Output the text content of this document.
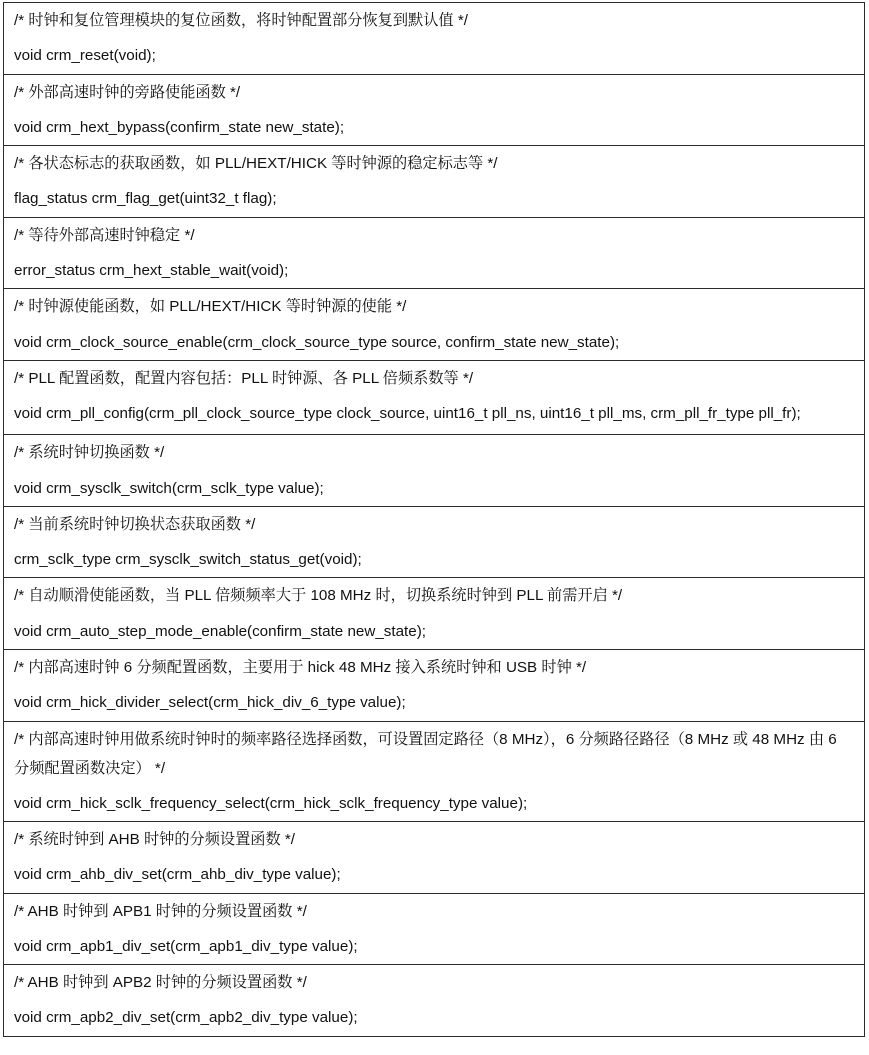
/* 时钟和复位管理模块的复位函数，将时钟配置部分恢复到默认值 */
void crm_reset(void);
/* 外部高速时钟的旁路使能函数 */
void crm_hext_bypass(confirm_state new_state);
/* 各状态标志的获取函数，如 PLL/HEXT/HICK 等时钟源的稳定标志等 */
flag_status crm_flag_get(uint32_t flag);
/* 等待外部高速时钟稳定 */
error_status crm_hext_stable_wait(void);
/* 时钟源使能函数，如 PLL/HEXT/HICK 等时钟源的使能 */
void crm_clock_source_enable(crm_clock_source_type source, confirm_state new_state);
/* PLL 配置函数，配置内容包括：PLL 时钟源、各 PLL 倍频系数等 */
void crm_pll_config(crm_pll_clock_source_type clock_source, uint16_t pll_ns, uint16_t pll_ms, crm_pll_fr_type pll_fr);
/* 系统时钟切换函数 */
void crm_sysclk_switch(crm_sclk_type value);
/* 当前系统时钟切换状态获取函数 */
crm_sclk_type crm_sysclk_switch_status_get(void);
/* 自动顺滑使能函数，当 PLL 倍频频率大于 108 MHz 时，切换系统时钟到 PLL 前需开启 */
void crm_auto_step_mode_enable(confirm_state new_state);
/* 内部高速时钟 6 分频配置函数，主要用于 hick 48 MHz 接入系统时钟和 USB 时钟 */
void crm_hick_divider_select(crm_hick_div_6_type value);
/* 内部高速时钟用做系统时钟时的频率路径选择函数，可设置固定路径（8 MHz），6 分频路径路径（8 MHz 或 48 MHz 由 6 分频配置函数决定） */
void crm_hick_sclk_frequency_select(crm_hick_sclk_frequency_type value);
/* 系统时钟到 AHB 时钟的分频设置函数 */
void crm_ahb_div_set(crm_ahb_div_type value);
/* AHB 时钟到 APB1 时钟的分频设置函数 */
void crm_apb1_div_set(crm_apb1_div_type value);
/* AHB 时钟到 APB2 时钟的分频设置函数 */
void crm_apb2_div_set(crm_apb2_div_type value);
